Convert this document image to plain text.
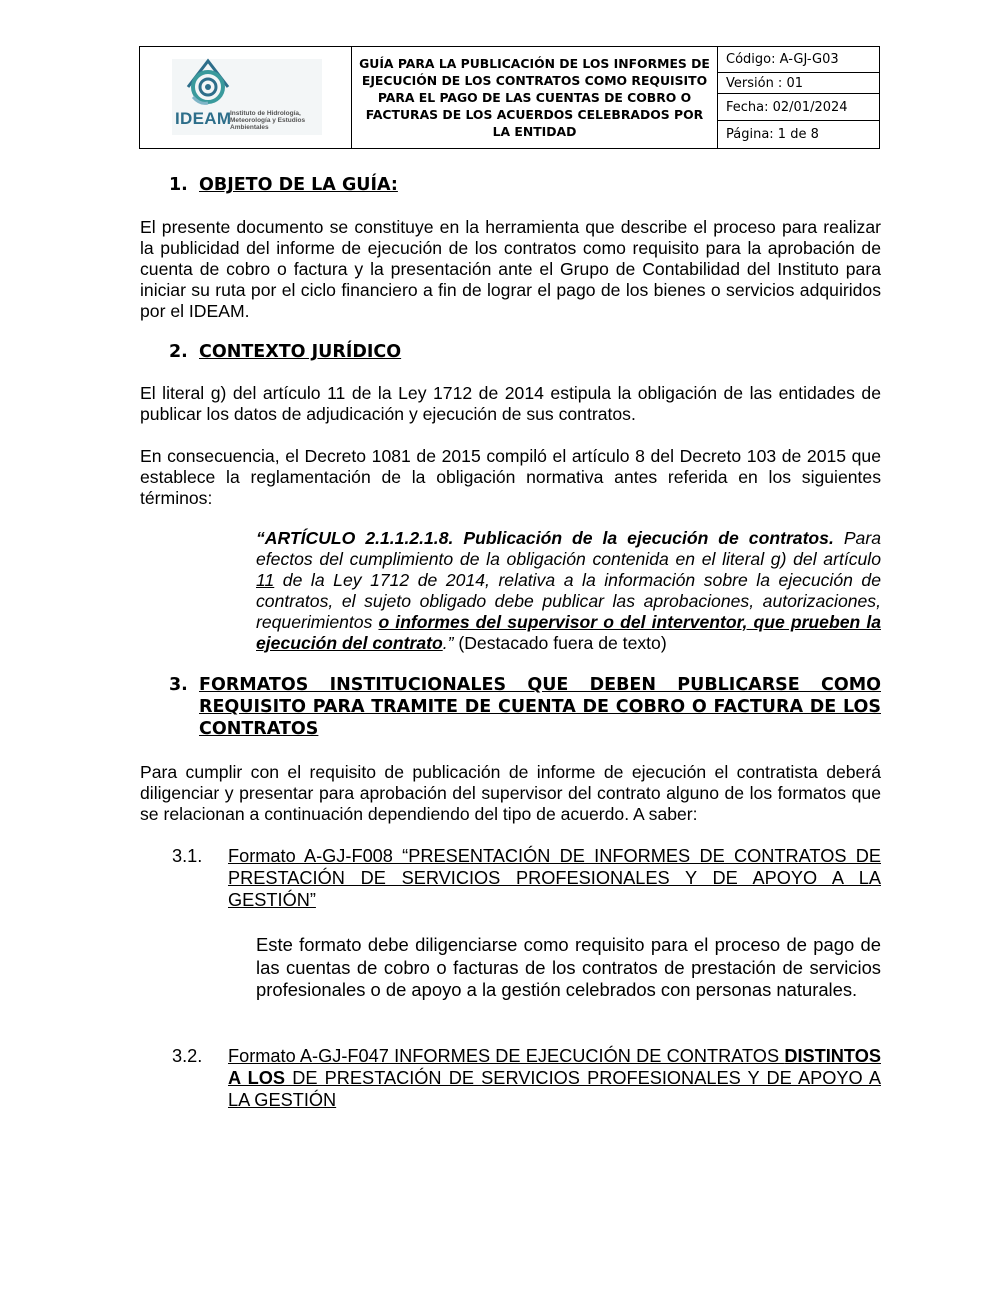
IDEAM
Instituto de Hidrología, Meteorología y Estudios Ambientales
GUÍA PARA LA PUBLICACIÓN DE LOS INFORMES DE EJECUCIÓN DE LOS CONTRATOS COMO REQUISITO PARA EL PAGO DE LAS CUENTAS DE COBRO O FACTURAS DE LOS ACUERDOS CELEBRADOS POR LA ENTIDAD
Código: A-GJ-G03
Versión : 01
Fecha: 02/01/2024
Página: 1 de 8
1. OBJETO DE LA GUÍA:
El presente documento se constituye en la herramienta que describe el proceso para realizar la publicidad del informe de ejecución de los contratos como requisito para la aprobación de cuenta de cobro o factura y la presentación ante el Grupo de Contabilidad del Instituto para iniciar su ruta por el ciclo financiero a fin de lograr el pago de los bienes o servicios adquiridos por el IDEAM.
2. CONTEXTO JURÍDICO
El literal g) del artículo 11 de la Ley 1712 de 2014 estipula la obligación de las entidades de publicar los datos de adjudicación y ejecución de sus contratos.
En consecuencia, el Decreto 1081 de 2015 compiló el artículo 8 del Decreto 103 de 2015 que establece la reglamentación de la obligación normativa antes referida en los siguientes términos:
“ARTÍCULO 2.1.1.2.1.8. Publicación de la ejecución de contratos. Para efectos del cumplimiento de la obligación contenida en el literal g) del artículo 11 de la Ley 1712 de 2014, relativa a la información sobre la ejecución de contratos, el sujeto obligado debe publicar las aprobaciones, autorizaciones, requerimientos o informes del supervisor o del interventor, que prueben la ejecución del contrato.” (Destacado fuera de texto)
3. FORMATOS INSTITUCIONALES QUE DEBEN PUBLICARSE COMO REQUISITO PARA TRAMITE DE CUENTA DE COBRO O FACTURA DE LOS CONTRATOS
Para cumplir con el requisito de publicación de informe de ejecución el contratista deberá diligenciar y presentar para aprobación del supervisor del contrato alguno de los formatos que se relacionan a continuación dependiendo del tipo de acuerdo. A saber:
3.1. Formato A-GJ-F008 “PRESENTACIÓN DE INFORMES DE CONTRATOS DE PRESTACIÓN DE SERVICIOS PROFESIONALES Y DE APOYO A LA GESTIÓN”
Este formato debe diligenciarse como requisito para el proceso de pago de las cuentas de cobro o facturas de los contratos de prestación de servicios profesionales o de apoyo a la gestión celebrados con personas naturales.
3.2. Formato A-GJ-F047 INFORMES DE EJECUCIÓN DE CONTRATOS DISTINTOS A LOS DE PRESTACIÓN DE SERVICIOS PROFESIONALES Y DE APOYO A LA GESTIÓN
